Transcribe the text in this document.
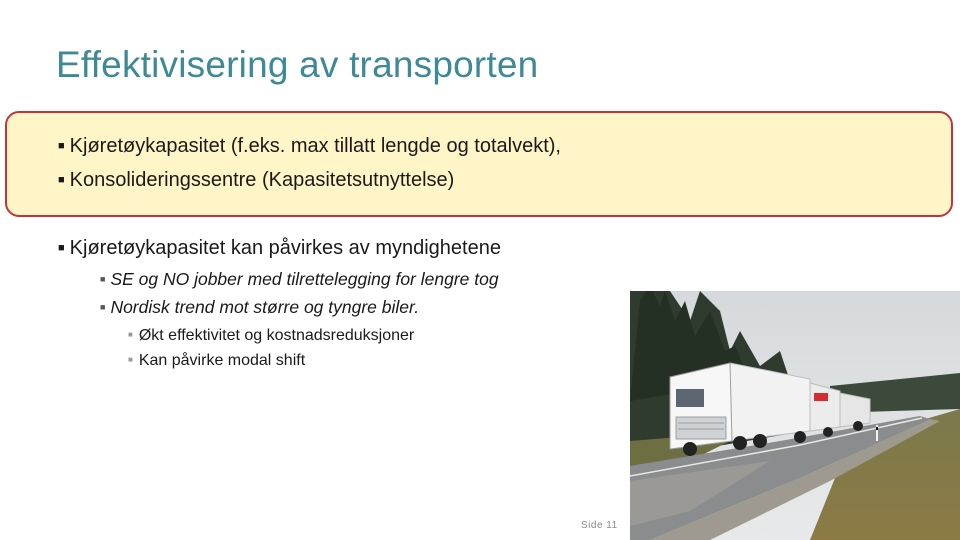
Effektivisering av transporten
■ Kjøretøykapasitet (f.eks. max tillatt lengde og totalvekt),
■ Konsolideringssentre (Kapasitetsutnyttelse)
■ Kjøretøykapasitet kan påvirkes av myndighetene
■ SE og NO jobber med tilrettelegging for lengre tog
■ Nordisk trend mot større og tyngre biler.
■ Økt effektivitet og kostnadsreduksjoner
■ Kan påvirke modal shift
Side 11
